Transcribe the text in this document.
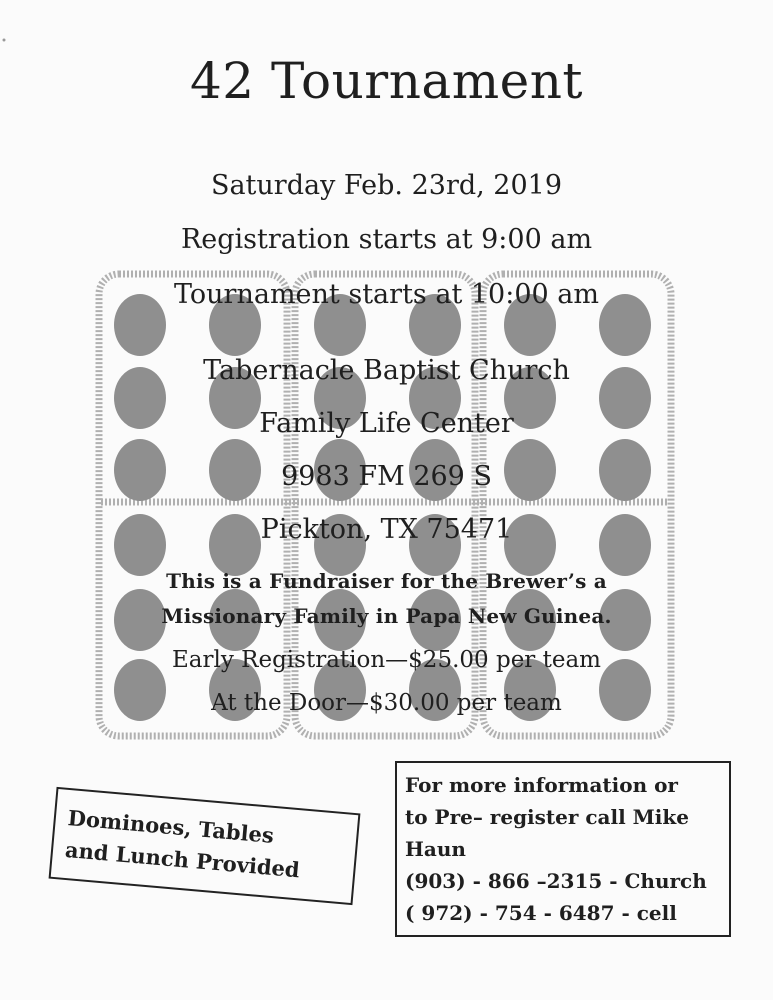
42 Tournament
Saturday Feb. 23rd, 2019
Registration starts at 9:00 am
Tournament starts at 10:00 am
Tabernacle Baptist Church
Family Life Center
9983 FM 269 S
Pickton, TX 75471
This is a Fundraiser for the Brewer’s a
Missionary Family in Papa New Guinea.
Early Registration—$25.00 per team
At the Door—$30.00 per team
Dominoes, Tables
and Lunch Provided
For more information or
to Pre– register call Mike
Haun
(903) - 866 –2315 - Church
( 972) - 754 - 6487 - cell
